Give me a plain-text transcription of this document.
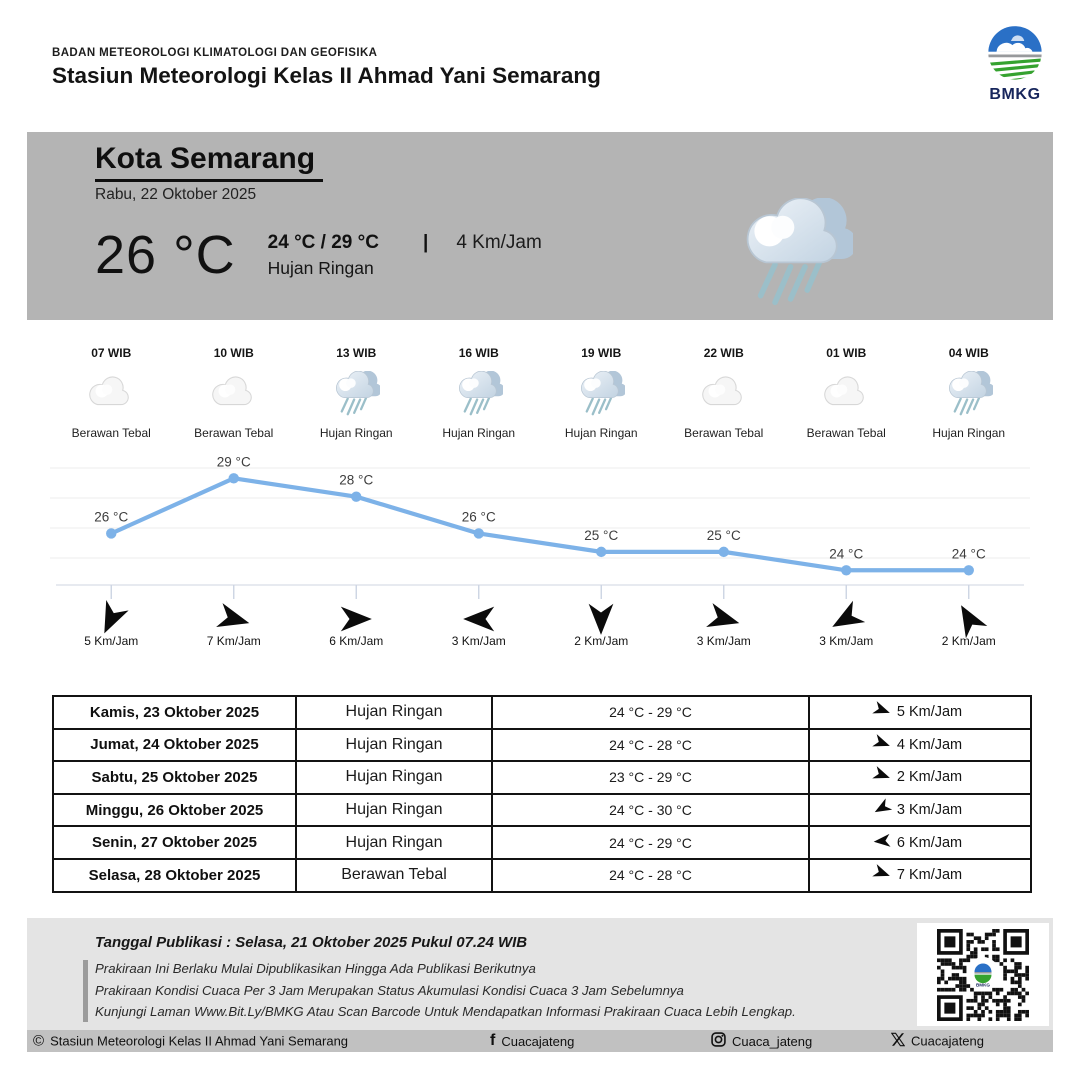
BADAN METEOROLOGI KLIMATOLOGI DAN GEOFISIKA
Stasiun Meteorologi Kelas II Ahmad Yani Semarang
BMKG
Kota Semarang
Rabu, 22 Oktober 2025
26 °C 24 °C / 29 °C | 4 Km/Jam
Hujan Ringan
07 WIB
Berawan Tebal
10 WIB
Berawan Tebal
13 WIB
Hujan Ringan
16 WIB
Hujan Ringan
19 WIB
Hujan Ringan
22 WIB
Berawan Tebal
01 WIB
Berawan Tebal
04 WIB
Hujan Ringan
26 °C
29 °C
28 °C
26 °C
25 °C	25 °C
24 °C	24 °C
5 Km/Jam	7 Km/Jam	6 Km/Jam	3 Km/Jam	2 Km/Jam	3 Km/Jam	3 Km/Jam	2 Km/Jam
Kamis, 23 Oktober 2025	Hujan Ringan	24 °C - 29 °C	5 Km/Jam
Jumat, 24 Oktober 2025	Hujan Ringan	24 °C - 28 °C	4 Km/Jam
Sabtu, 25 Oktober 2025	Hujan Ringan	23 °C - 29 °C	2 Km/Jam
Minggu, 26 Oktober 2025	Hujan Ringan	24 °C - 30 °C	3 Km/Jam
Senin, 27 Oktober 2025	Hujan Ringan	24 °C - 29 °C	6 Km/Jam
Selasa, 28 Oktober 2025	Berawan Tebal	24 °C - 28 °C	7 Km/Jam
Tanggal Publikasi : Selasa, 21 Oktober 2025 Pukul 07.24 WIB
Prakiraan Ini Berlaku Mulai Dipublikasikan Hingga Ada Publikasi Berikutnya
Prakiraan Kondisi Cuaca Per 3 Jam Merupakan Status Akumulasi Kondisi Cuaca 3 Jam Sebelumnya
Kunjungi Laman Www.Bit.Ly/BMKG Atau Scan Barcode Untuk Mendapatkan Informasi Prakiraan Cuaca Lebih Lengkap.
BMKG
© Stasiun Meteorologi Kelas II Ahmad Yani Semarang	f Cuacajateng	Cuaca_jateng	Cuacajateng
